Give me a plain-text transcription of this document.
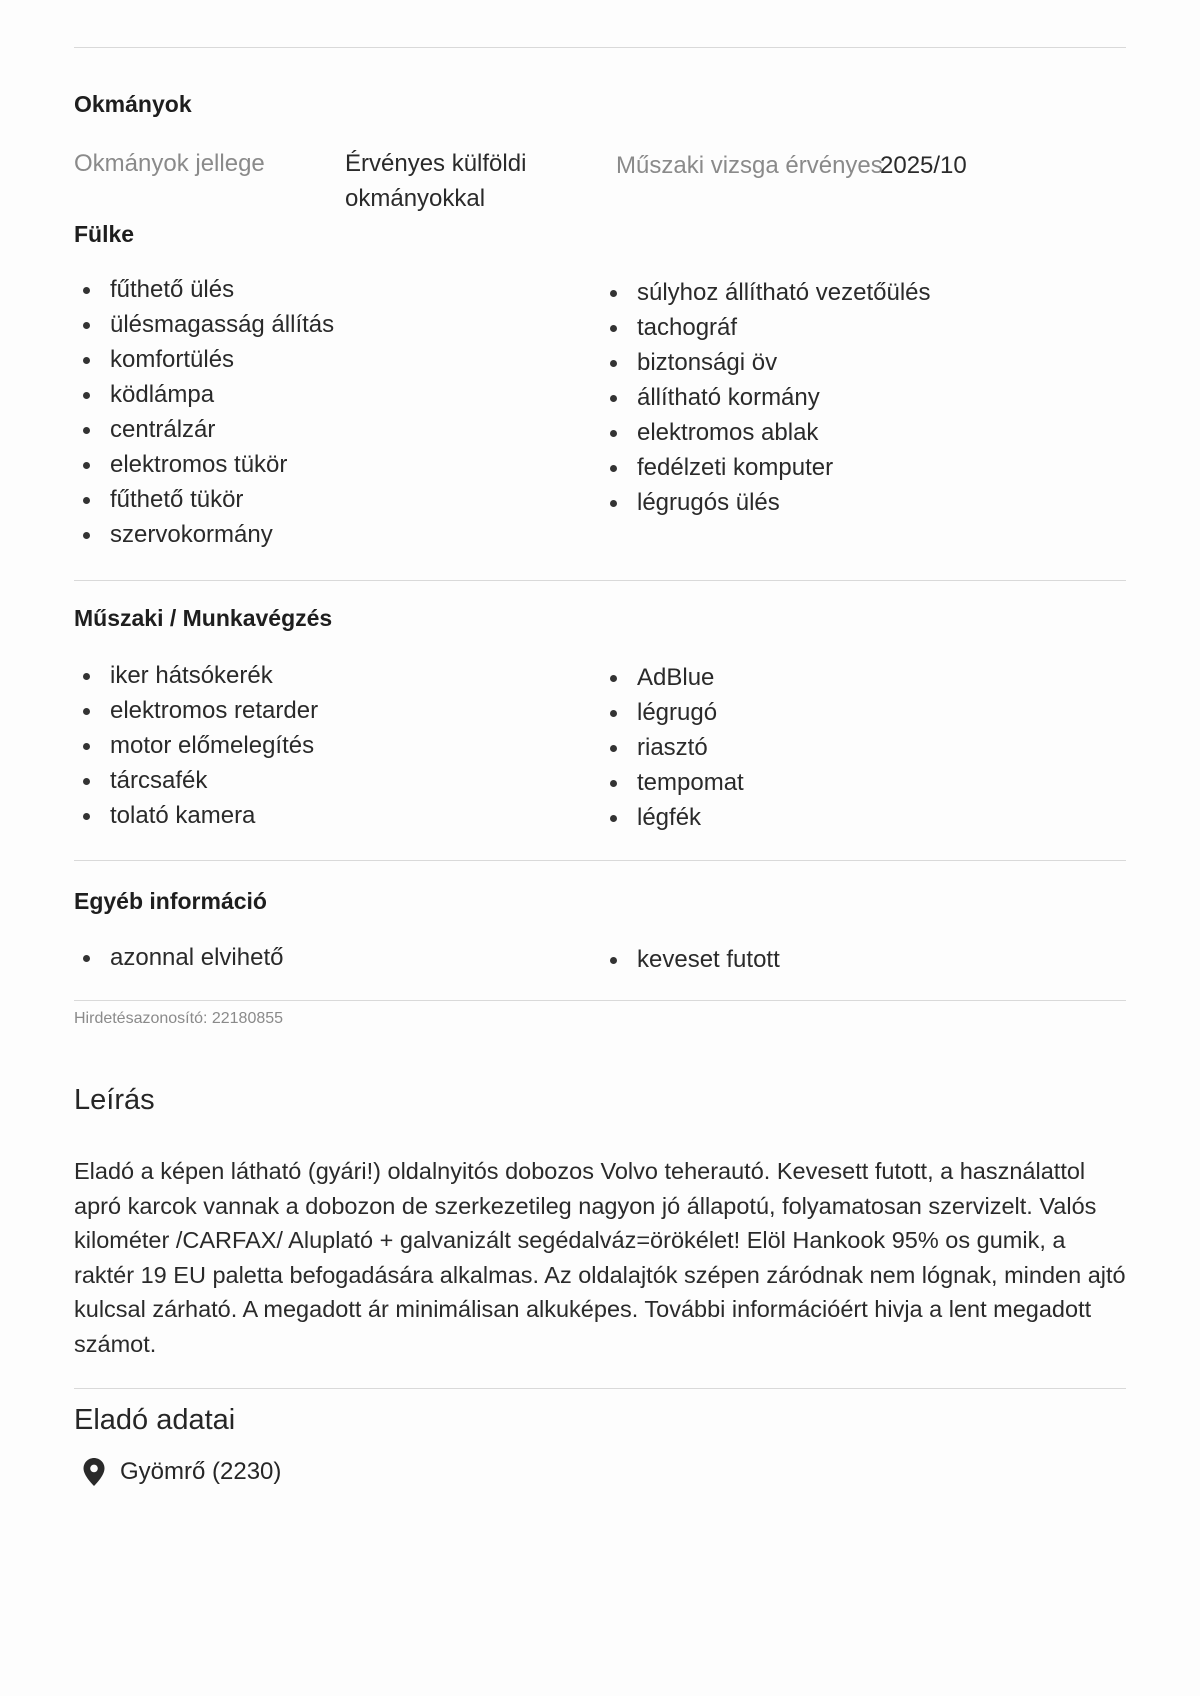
Okmányok
Okmányok jellege	Érvényes külföldi okmányokkal
Műszaki vizsga érvényes
2025/10
Fülke
fűthető ülés
ülésmagasság állítás
komfortülés
ködlámpa
centrálzár
elektromos tükör
fűthető tükör
szervokormány
súlyhoz állítható vezetőülés
tachográf
biztonsági öv
állítható kormány
elektromos ablak
fedélzeti komputer
légrugós ülés
Műszaki / Munkavégzés
iker hátsókerék
elektromos retarder
motor előmelegítés
tárcsafék
tolató kamera
AdBlue
légrugó
riasztó
tempomat
légfék
Egyéb információ
azonnal elvihető	keveset futott
Hirdetésazonosító: 22180855
Leírás

Eladó a képen látható (gyári!) oldalnyitós dobozos Volvo teherautó. Kevesett futott, a használattol apró karcok vannak a dobozon de szerkezetileg nagyon jó állapotú, folyamatosan szervizelt. Valós kilométer /CARFAX/ Aluplató + galvanizált segédalváz=örökélet! Elöl Hankook 95% os gumik, a raktér 19 EU paletta befogadására alkalmas. Az oldalajtók szépen záródnak nem lógnak, minden ajtó kulcsal zárható. A megadott ár minimálisan alkuképes. További információért hivja a lent megadott számot.

Eladó adatai
Gyömrő (2230)
